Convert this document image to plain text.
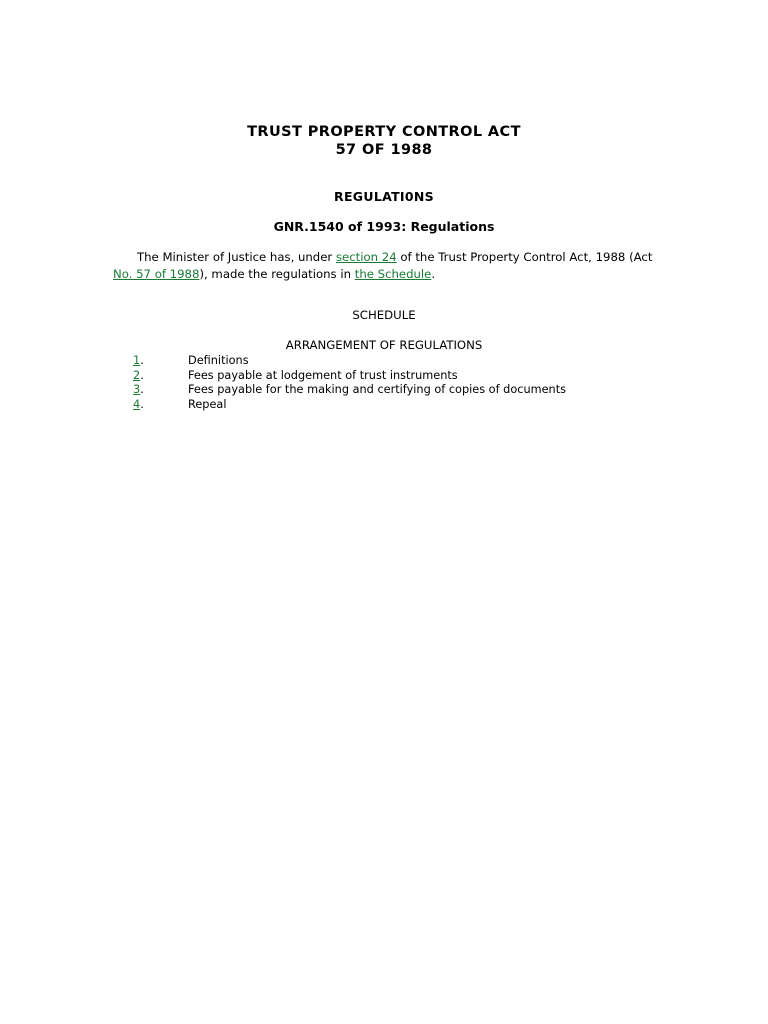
TRUST PROPERTY CONTROL ACT
57 OF 1988
REGULATI0NS
GNR.1540 of 1993: Regulations
The Minister of Justice has, under section 24 of the Trust Property Control Act, 1988 (Act No. 57 of 1988), made the regulations in the Schedule.
SCHEDULE
ARRANGEMENT OF REGULATIONS
1.	Definitions
2.	Fees payable at lodgement of trust instruments
3.	Fees payable for the making and certifying of copies of documents
4.	Repeal
